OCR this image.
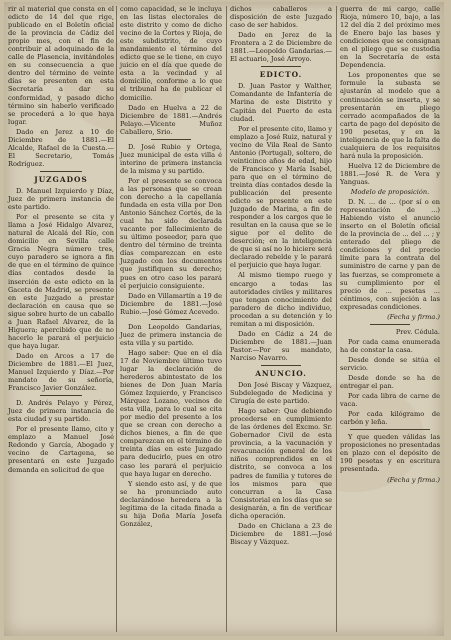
rir al material que consta en el edicto de 14 del que rige, publicado en el Boletín oficial de la provincia de Cádiz del propio mes, con el fin de contribuir al adoquinado de la calle de Plasencia, invitándoles en su consecuencia a que dentro del término de veinte días se presenten en esta Secretaría a dar su conformidad, y pasado dicho término sin haberlo verificado se procederá a lo que haya lugar.

Dado en Jerez a 10 de Diciembre de 1881.—El Alcalde, Rafael de la Cuesta.—El Secretario, Tomás Rodríguez.

JUZGADOS

D. Manuel Izquierdo y Díaz, Juez de primera instancia de este partido.

Por el presente se cita y llama a José Hidalgo Alvarez, natural de Alcalá del Río, con domicilio en Sevilla calle Gracia Negra número tres, cuyo paradero se ignora a fin de que en el término de quince días contados desde la inserción de este edicto en la Gaceta de Madrid, se presente en este Juzgado a prestar declaración en causa que se sigue sobre hurto de un caballo a Juan Rafael Alvarez, de la Higuera; apercibido que de no hacerlo le parará el perjuicio que haya lugar.

Dado en Arcos a 17 de Diciembre de 1881.—El Juez, Manuel Izquierdo y Díaz.—Por mandato de su señoría, Francisco Javier González.

D. Andrés Pelayo y Pérez, Juez de primera instancia de esta ciudad y su partido.

Por el presente llamo, cito y emplazo a Manuel José Redondo y García, Abogado y vecino de Cartagena, se presentará en este Juzgado demanda en solicitud de que

como capacidad, se le incluya en las listas electorales de este distrito y como de dicho vecino de la Cortes y Rioja, de este subdistrito, de cuyo mandamiento el término del edicto que se le tiene, en cuyo juicio en el día que quede de esta a la vecindad y al domicilio, conforme a lo que el tribunal ha de publicar el domicilio.

Dado en Huelva a 22 de Diciembre de 1881.—Andrés Pelayo.—Vicente Muñoz Caballero, Srio.

D. José Rubio y Ortega, Juez municipal de esta villa é interino de primera instancia de la misma y su partido.

Por el presente se convoca a las personas que se crean con derecho a la capellanía fundada en esta villa por Don Antonio Sánchez Cortés, de la cual ha sido declarada vacante por fallecimiento de su último poseedor, para que dentro del término de treinta días comparezcan en este Juzgado con los documentos que justifiquen su derecho; pues en otro caso les parará el perjuicio consiguiente.

Dado en Villamartín a 19 de Diciembre de 1881.—José Rubio.—José Gómez Acevedo.

Don Leopoldo Gandarias, Juez de primera instancia de esta villa y su partido.

Hago saber: Que en el día 17 de Noviembre último tuvo lugar la declaración de herederos abintestato de los bienes de Don Juan María Gómez Izquierdo, y Francisco Márquez Lozano, vecinos de esta villa, para lo cual se cita por medio del presente a los que se crean con derecho a dichos bienes, a fin de que comparezcan en el término de treinta días en este Juzgado para deducirlo, pues en otro caso les parará el perjuicio que haya lugar en derecho.

Y siendo esto así, y de que se ha pronunciado auto declarándose heredera a la legítima de la citada finada a su hija Doña María Josefa González,

dichos caballeros a disposición de este Juzgado caso de ser habidos.

Dado en Jerez de la Frontera a 2 de Diciembre de 1881.—Leopoldo Gandarias.—El actuario, José Arroyo.

EDICTO.

D. Juan Pastor y Walther, Comandante de Infantería de Marina de este Distrito y Capitán del Puerto de esta ciudad.

Por el presente cito, llamo y emplazo a José Ruiz, natural y vecino de Vila Real de Santo Antonio (Portugal), soltero, de veinticinco años de edad, hijo de Francisco y María Isabel, para que en el término de treinta días contados desde la publicación del presente edicto se presente en este Juzgado de Marina, a fin de responder a los cargos que le resultan en la causa que se le sigue por el delito de deserción; en la inteligencia de que si así no lo hiciere será declarado rebelde y le parará el perjuicio que haya lugar.

Al mismo tiempo ruego y encargo a todas las autoridades civiles y militares que tengan conocimiento del paradero de dicho individuo, procedan a su detención y lo remitan a mi disposición.

Dado en Cádiz a 24 de Diciembre de 1881.—Juan Pastor.—Por su mandato, Narciso Navarro.

ANUNCIO.

Don José Biscay y Vázquez, Subdelegado de Medicina y Cirugía de este partido.

Hago saber: Que debiendo procederse en cumplimiento de las órdenes del Excmo. Sr. Gobernador Civil de esta provincia, a la vacunación y revacunación general de los niños comprendidos en el distrito, se convoca a los padres de familia y tutores de los mismos para que concurran a la Casa Consistorial en los días que se designarán, a fin de verificar dicha operación.

Dado en Chiclana a 23 de Diciembre de 1881.—José Biscay y Vázquez.

guerra de mi cargo, calle Rioja, número 10, bajo, a las 12 del día 2 del próximo mes de Enero bajo las bases y condiciones que se consignan en el pliego que se custodia en la Secretaría de esta Dependencia.

Los proponentes que se formule la subasta se ajustarán al modelo que a continuación se inserta, y se presentarán en pliego cerrado acompañados de la carta de pago del depósito de 190 pesetas, y en la inteligencia de que la falta de cualquiera de los requisitos hará nula la proposición.

Huelva 12 de Diciembre de 1881.—José R. de Vera y Yanguas.

Modelo de proposición.

D. N. ... de ... (por sí o en representación de ...) Habiendo visto el anuncio inserto en el Boletín oficial de la provincia de ... del ... ; y enterado del pliego de condiciones y del precio límite para la contrata del suministro de carne y pan de las fuerzas, se compromete a su cumplimiento por el precio de ... pesetas ... céntimos, con sujeción a las expresadas condiciones.

(Fecha y firma.)

Prev. Cédula.

Por cada cama enumerada ha de constar la casa.

Desde donde se sitúa el servicio.

Desde donde se ha de entregar el pan.

Por cada libra de carne de vaca.

Por cada kilógramo de carbón y leña.

Y que queden válidas las proposiciones no presentadas en plazo con el depósito de 190 pesetas y en escritura presentada.

(Fecha y firma.)
